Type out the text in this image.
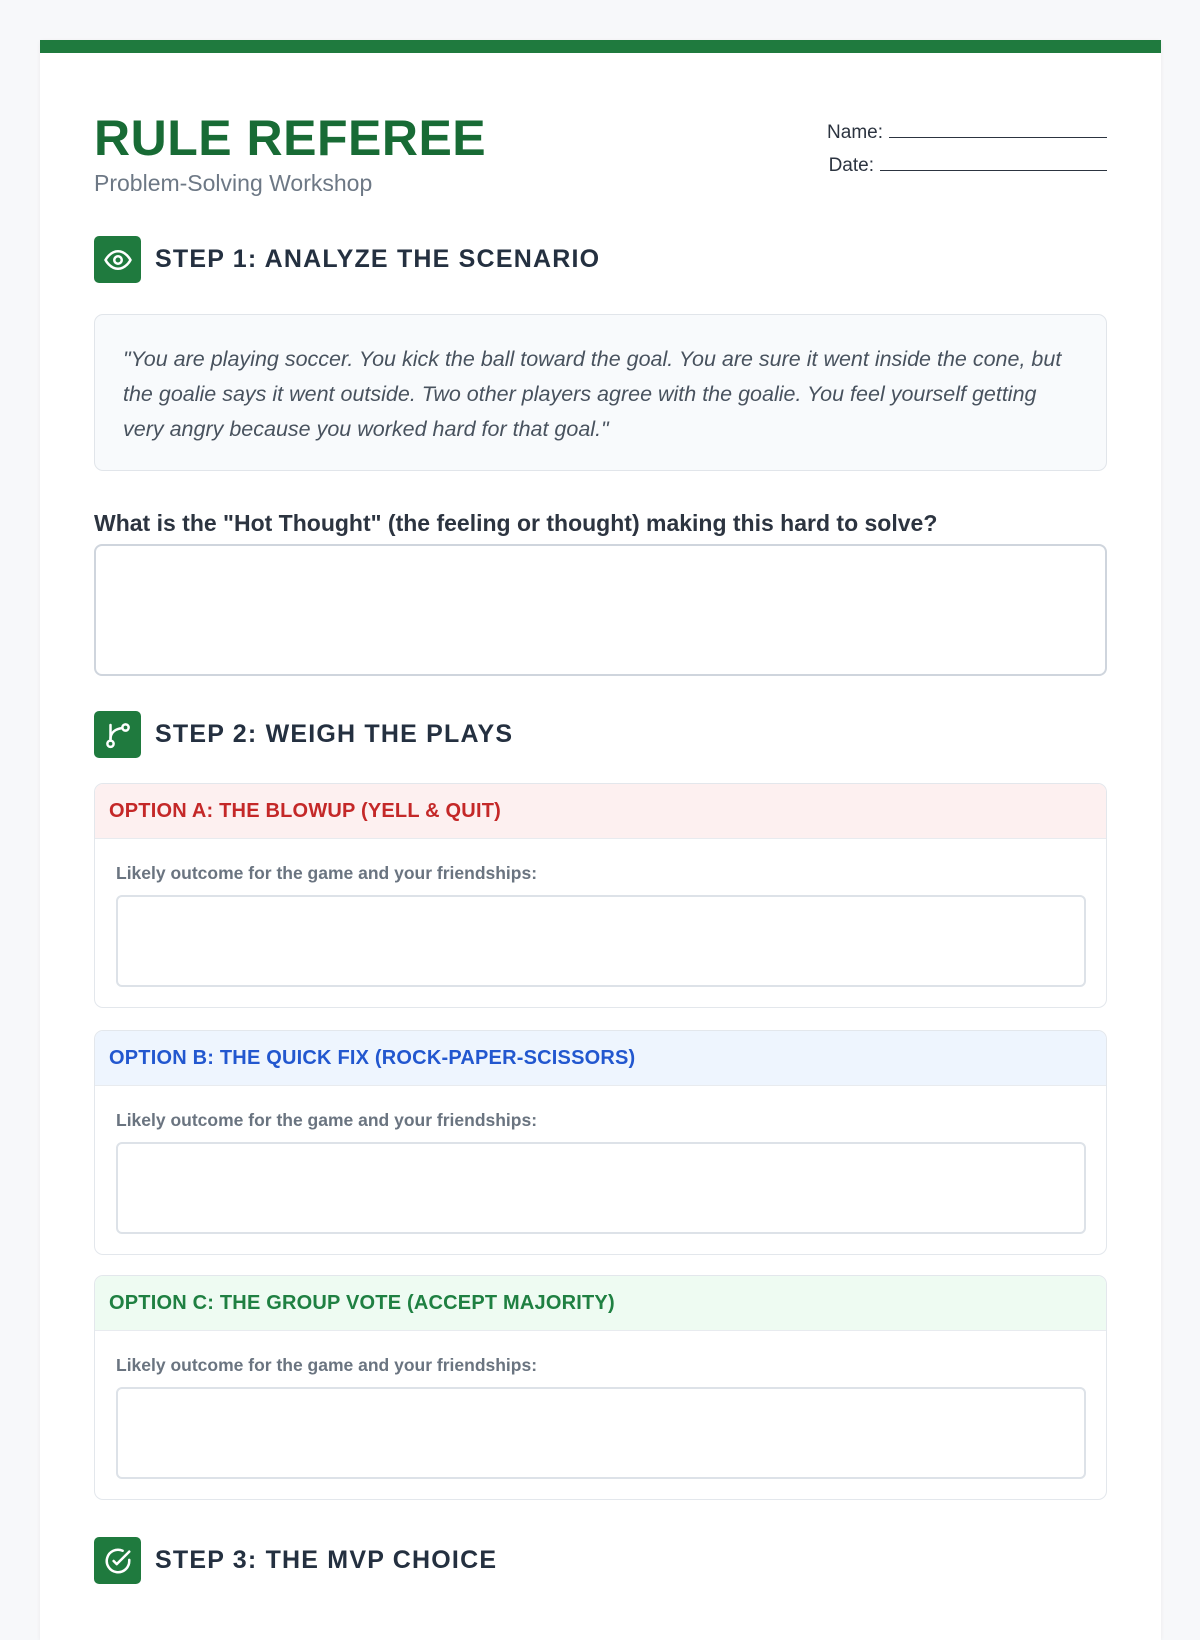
RULE REFEREE
Problem-Solving Workshop
Name:
Date:
STEP 1: ANALYZE THE SCENARIO
"You are playing soccer. You kick the ball toward the goal. You are sure it went inside the cone, but the goalie says it went outside. Two other players agree with the goalie. You feel yourself getting very angry because you worked hard for that goal."
What is the "Hot Thought" (the feeling or thought) making this hard to solve?
STEP 2: WEIGH THE PLAYS
OPTION A: THE BLOWUP (YELL & QUIT)
Likely outcome for the game and your friendships:
OPTION B: THE QUICK FIX (ROCK-PAPER-SCISSORS)
Likely outcome for the game and your friendships:
OPTION C: THE GROUP VOTE (ACCEPT MAJORITY)
Likely outcome for the game and your friendships:
STEP 3: THE MVP CHOICE
